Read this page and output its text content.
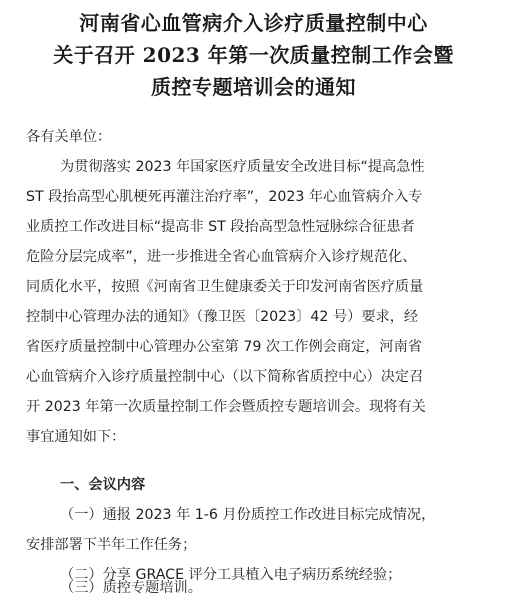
河南省心血管病介入诊疗质量控制中心
关于召开 2023 年第一次质量控制工作会暨
质控专题培训会的通知
各有关单位：
为贯彻落实 2023 年国家医疗质量安全改进目标“提高急性
ST 段抬高型心肌梗死再灌注治疗率”，2023 年心血管病介入专
业质控工作改进目标“提高非 ST 段抬高型急性冠脉综合征患者
危险分层完成率”，进一步推进全省心血管病介入诊疗规范化、
同质化水平，按照《河南省卫生健康委关于印发河南省医疗质量
控制中心管理办法的通知》（豫卫医〔2023〕42 号）要求，经
省医疗质量控制中心管理办公室第 79 次工作例会商定，河南省
心血管病介入诊疗质量控制中心（以下简称省质控中心）决定召
开 2023 年第一次质量控制工作会暨质控专题培训会。现将有关
事宜通知如下：
一、会议内容
（一）通报 2023 年 1-6 月份质控工作改进目标完成情况，
安排部署下半年工作任务；
（二）分享 GRACE 评分工具植入电子病历系统经验；
（三）质控专题培训。
